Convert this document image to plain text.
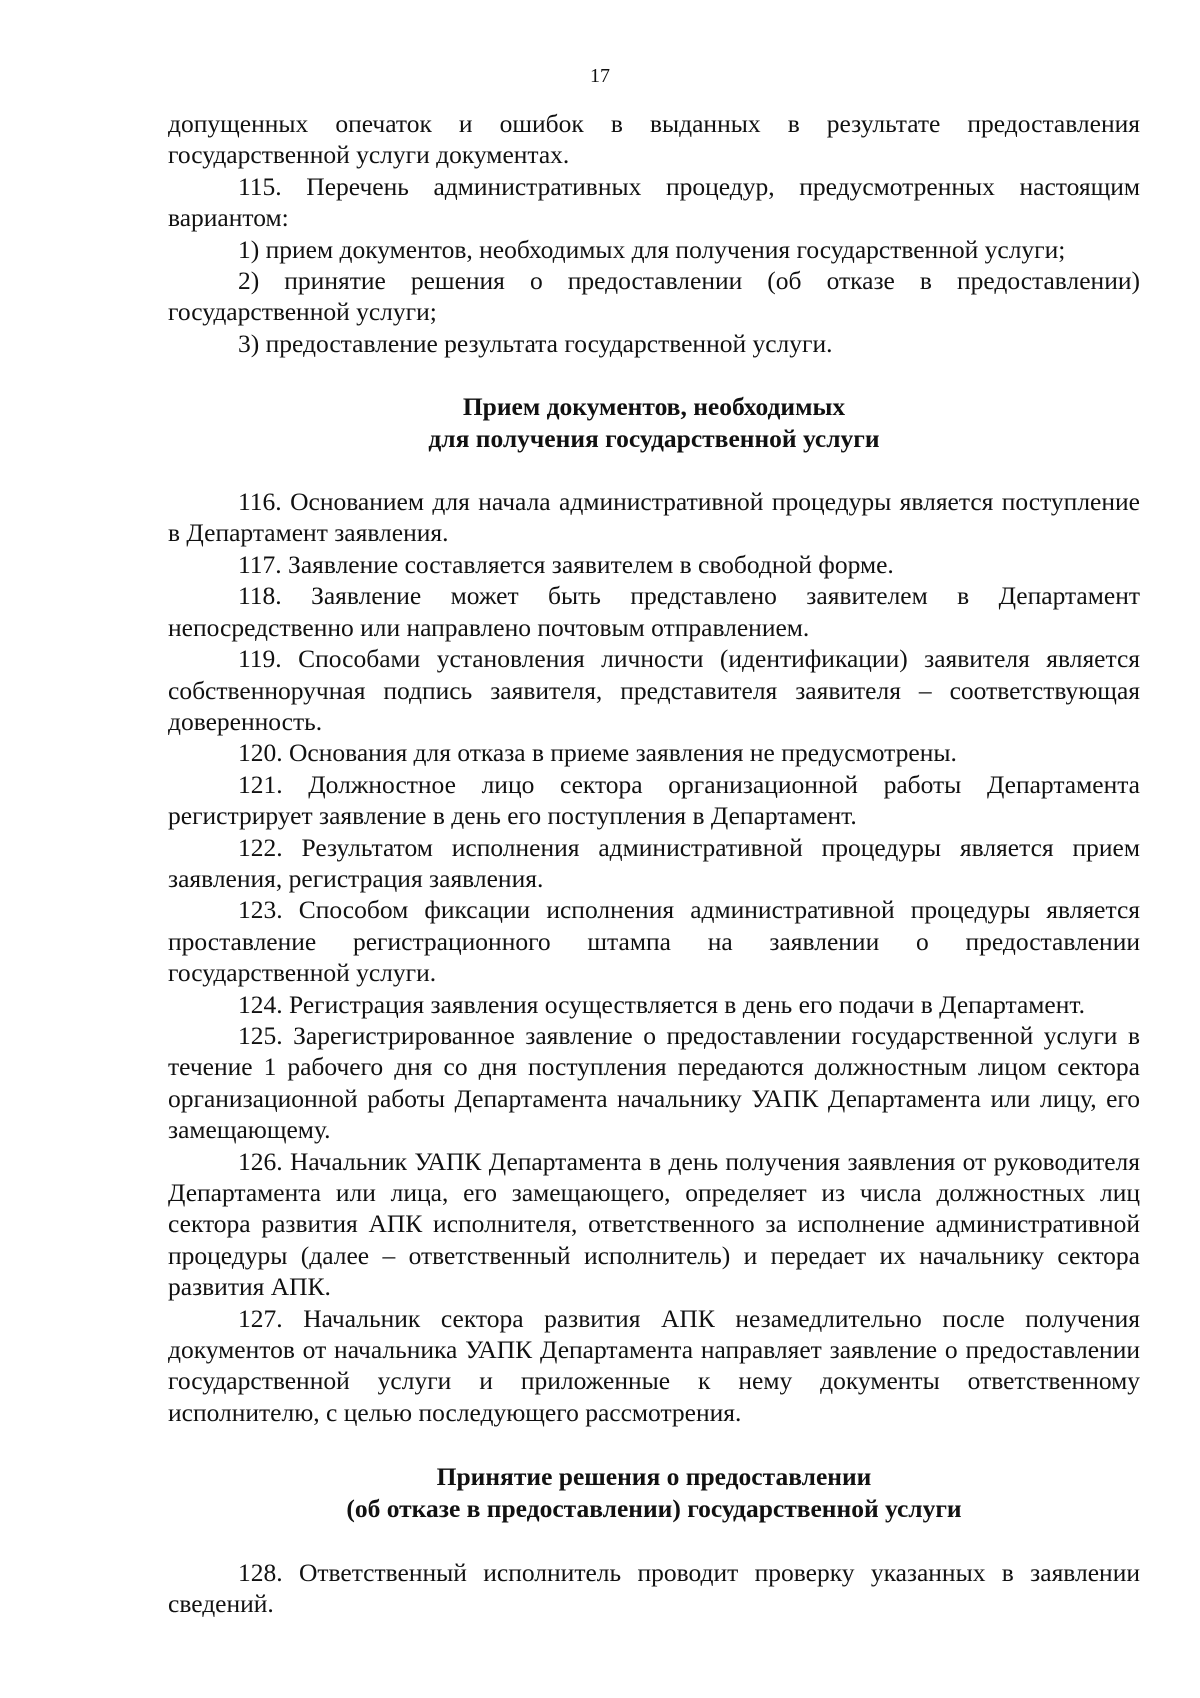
17

допущенных опечаток и ошибок в выданных в результате предоставления государственной услуги документах.

115. Перечень административных процедур, предусмотренных настоящим вариантом:

1) прием документов, необходимых для получения государственной услуги;

2) принятие решения о предоставлении (об отказе в предоставлении) государственной услуги;

3) предоставление результата государственной услуги.

Прием документов, необходимых

для получения государственной услуги

116. Основанием для начала административной процедуры является поступление в Департамент заявления.

117. Заявление составляется заявителем в свободной форме.

118. Заявление может быть представлено заявителем в Департамент непосредственно или направлено почтовым отправлением.

119. Способами установления личности (идентификации) заявителя является собственноручная подпись заявителя, представителя заявителя – соответствующая доверенность.

120. Основания для отказа в приеме заявления не предусмотрены.

121. Должностное лицо сектора организационной работы Департамента регистрирует заявление в день его поступления в Департамент.

122. Результатом исполнения административной процедуры является прием заявления, регистрация заявления.

123. Способом фиксации исполнения административной процедуры является проставление регистрационного штампа на заявлении о предоставлении государственной услуги.

124. Регистрация заявления осуществляется в день его подачи в Департамент.

125. Зарегистрированное заявление о предоставлении государственной услуги в течение 1 рабочего дня со дня поступления передаются должностным лицом сектора организационной работы Департамента начальнику УАПК Департамента или лицу, его замещающему.

126. Начальник УАПК Департамента в день получения заявления от руководителя Департамента или лица, его замещающего, определяет из числа должностных лиц сектора развития АПК исполнителя, ответственного за исполнение административной процедуры (далее – ответственный исполнитель) и передает их начальнику сектора развития АПК.

127. Начальник сектора развития АПК незамедлительно после получения документов от начальника УАПК Департамента направляет заявление о предоставлении государственной услуги и приложенные к нему документы ответственному исполнителю, с целью последующего рассмотрения.

Принятие решения о предоставлении

(об отказе в предоставлении) государственной услуги

128. Ответственный исполнитель проводит проверку указанных в заявлении сведений.
